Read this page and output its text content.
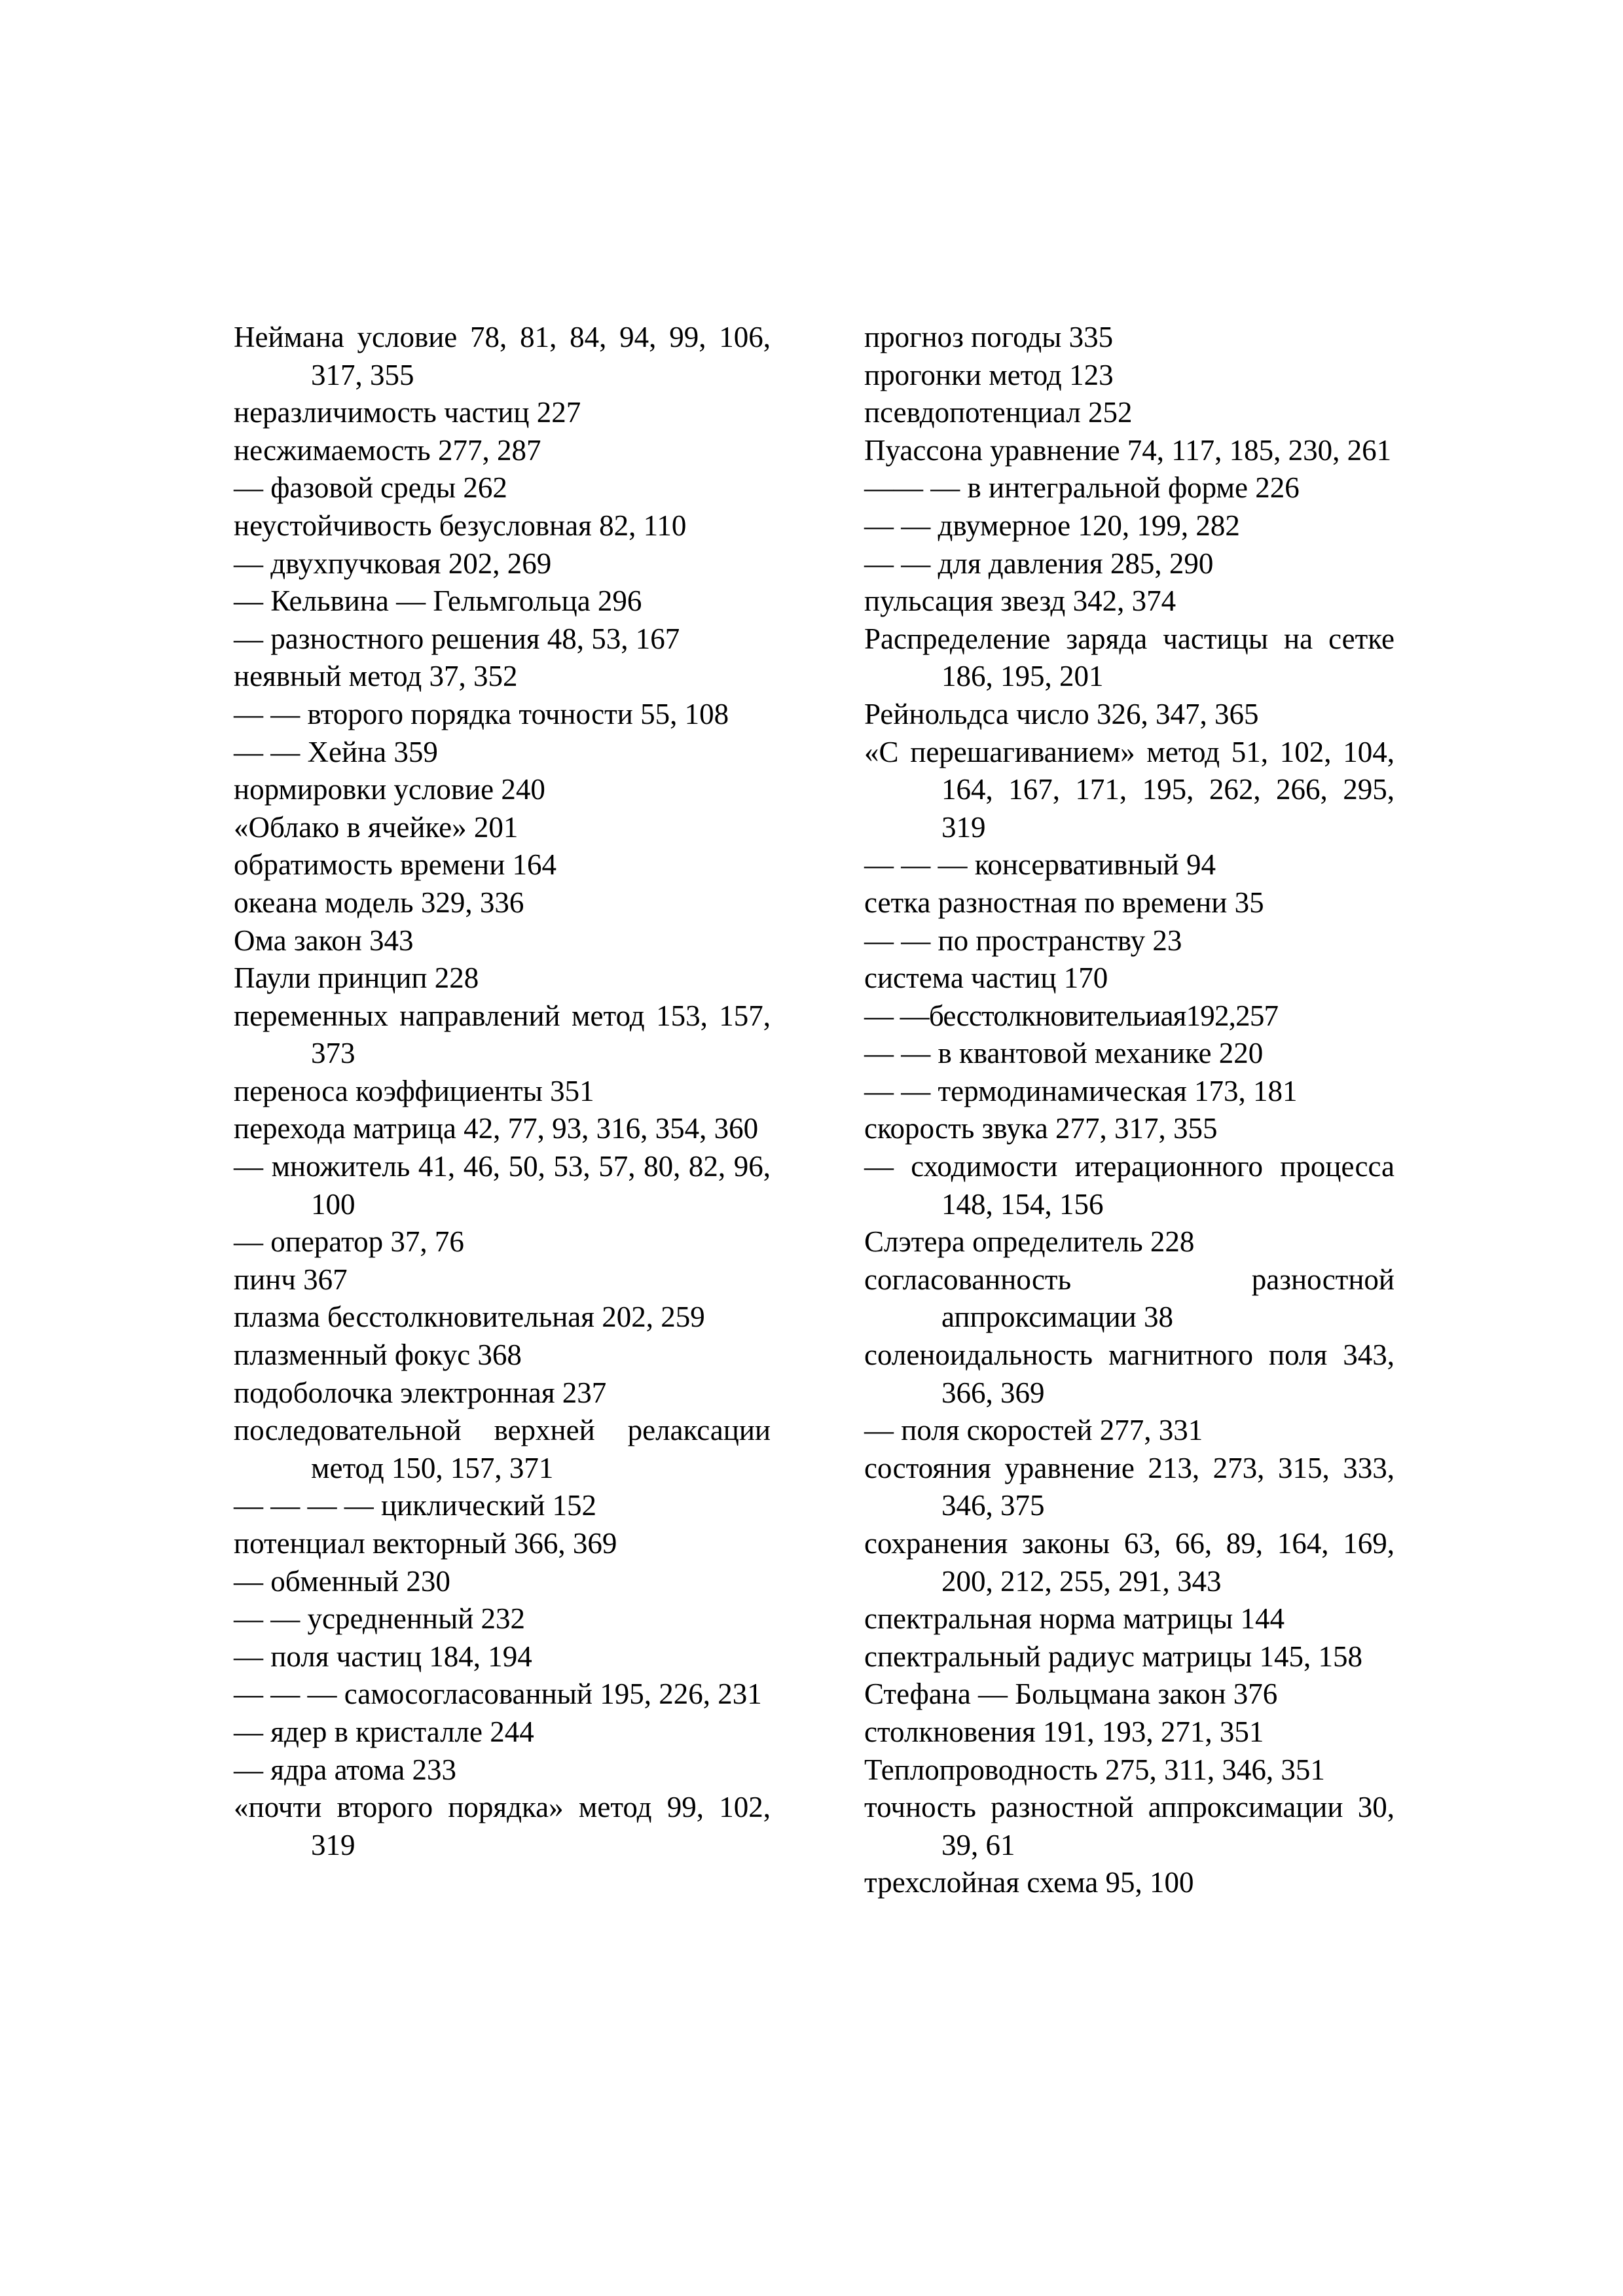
Неймана условие 78, 81, 84, 94, 99, 106, 317, 355

неразличимость частиц 227

несжимаемость 277, 287

— фазовой среды 262

неустойчивость безусловная 82, 110

— двухпучковая 202, 269

— Кельвина — Гельмгольца 296

— разностного решения 48, 53, 167

неявный метод 37, 352

— — второго порядка точности 55, 108

— — Хейна 359

нормировки условие 240

«Облако в ячейке» 201

обратимость времени 164

океана модель 329, 336

Ома закон 343

Паули принцип 228

переменных направлений метод 153, 157, 373

переноса коэффициенты 351

перехода матрица 42, 77, 93, 316, 354, 360

— множитель 41, 46, 50, 53, 57, 80, 82, 96, 100

— оператор 37, 76

пинч 367

плазма бесстолкновительная 202, 259

плазменный фокус 368

подоболочка электронная 237

последовательной верхней релаксации метод 150, 157, 371

— — — — циклический 152

потенциал векторный 366, 369

— обменный 230

— — усредненный 232

— поля частиц 184, 194

— — — самосогласованный 195, 226, 231

— ядер в кристалле 244

— ядра атома 233

«почти второго порядка» метод 99, 102, 319

прогноз погоды 335

прогонки метод 123

псевдопотенциал 252

Пуассона уравнение 74, 117, 185, 230, 261

—— — в интегральной форме 226

— — двумерное 120, 199, 282

— — для давления 285, 290

пульсация звезд 342, 374

Распределение заряда частицы на сетке 186, 195, 201

Рейнольдса число 326, 347, 365

«С перешагиванием» метод 51, 102, 104, 164, 167, 171, 195, 262, 266, 295, 319

— — — консервативный 94

сетка разностная по времени 35

— — по пространству 23

система частиц 170

— —бесстолкновительиая192,257

— — в квантовой механике 220

— — термодинамическая 173, 181

скорость звука 277, 317, 355

— сходимости итерационного процесса 148, 154, 156

Слэтера определитель 228

согласованность разностной аппроксимации 38

соленоидальность магнитного поля 343, 366, 369

— поля скоростей 277, 331

состояния уравнение 213, 273, 315, 333, 346, 375

сохранения законы 63, 66, 89, 164, 169, 200, 212, 255, 291, 343

спектральная норма матрицы 144

спектральный радиус матрицы 145, 158

Стефана — Больцмана закон 376

столкновения 191, 193, 271, 351

Теплопроводность 275, 311, 346, 351

точность разностной аппроксимации 30, 39, 61

трехслойная схема 95, 100
